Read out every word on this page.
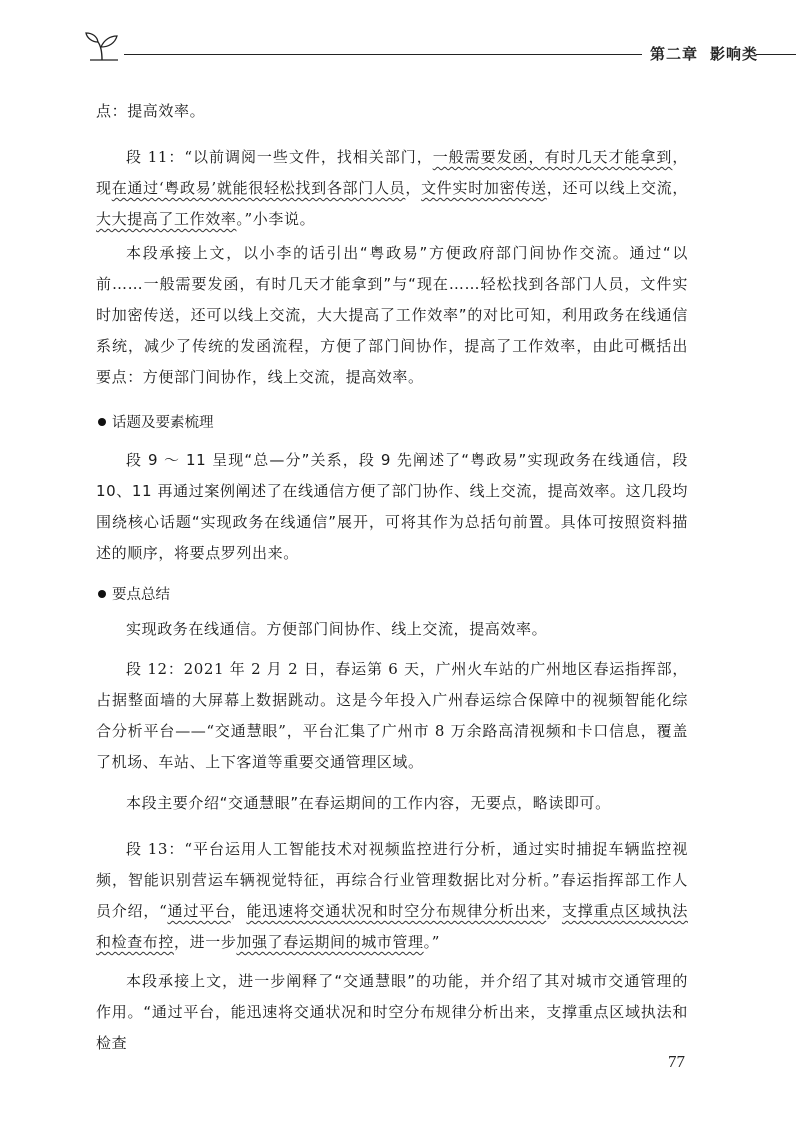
第二章 影响类
点：提高效率。
段 11：“以前调阅一些文件，找相关部门，一般需要发函，有时几天才能拿到，现在通过‘粤政易’就能很轻松找到各部门人员，文件实时加密传送，还可以线上交流，大大提高了工作效率。”小李说。
本段承接上文，以小李的话引出“粤政易”方便政府部门间协作交流。通过“以前……一般需要发函，有时几天才能拿到”与“现在……轻松找到各部门人员，文件实时加密传送，还可以线上交流，大大提高了工作效率”的对比可知，利用政务在线通信系统，减少了传统的发函流程，方便了部门间协作，提高了工作效率，由此可概括出要点：方便部门间协作，线上交流，提高效率。
话题及要素梳理
段 9 ～ 11 呈现“总—分”关系，段 9 先阐述了“粤政易”实现政务在线通信，段 10、11 再通过案例阐述了在线通信方便了部门协作、线上交流，提高效率。这几段均围绕核心话题“实现政务在线通信”展开，可将其作为总括句前置。具体可按照资料描述的顺序，将要点罗列出来。
要点总结
实现政务在线通信。方便部门间协作、线上交流，提高效率。
段 12：2021 年 2 月 2 日，春运第 6 天，广州火车站的广州地区春运指挥部，占据整面墙的大屏幕上数据跳动。这是今年投入广州春运综合保障中的视频智能化综合分析平台——“交通慧眼”，平台汇集了广州市 8 万余路高清视频和卡口信息，覆盖了机场、车站、上下客道等重要交通管理区域。
本段主要介绍“交通慧眼”在春运期间的工作内容，无要点，略读即可。
段 13：“平台运用人工智能技术对视频监控进行分析，通过实时捕捉车辆监控视频，智能识别营运车辆视觉特征，再综合行业管理数据比对分析。”春运指挥部工作人员介绍，“通过平台，能迅速将交通状况和时空分布规律分析出来，支撑重点区域执法和检查布控，进一步加强了春运期间的城市管理。”
本段承接上文，进一步阐释了“交通慧眼”的功能，并介绍了其对城市交通管理的作用。“通过平台，能迅速将交通状况和时空分布规律分析出来，支撑重点区域执法和检查
77
